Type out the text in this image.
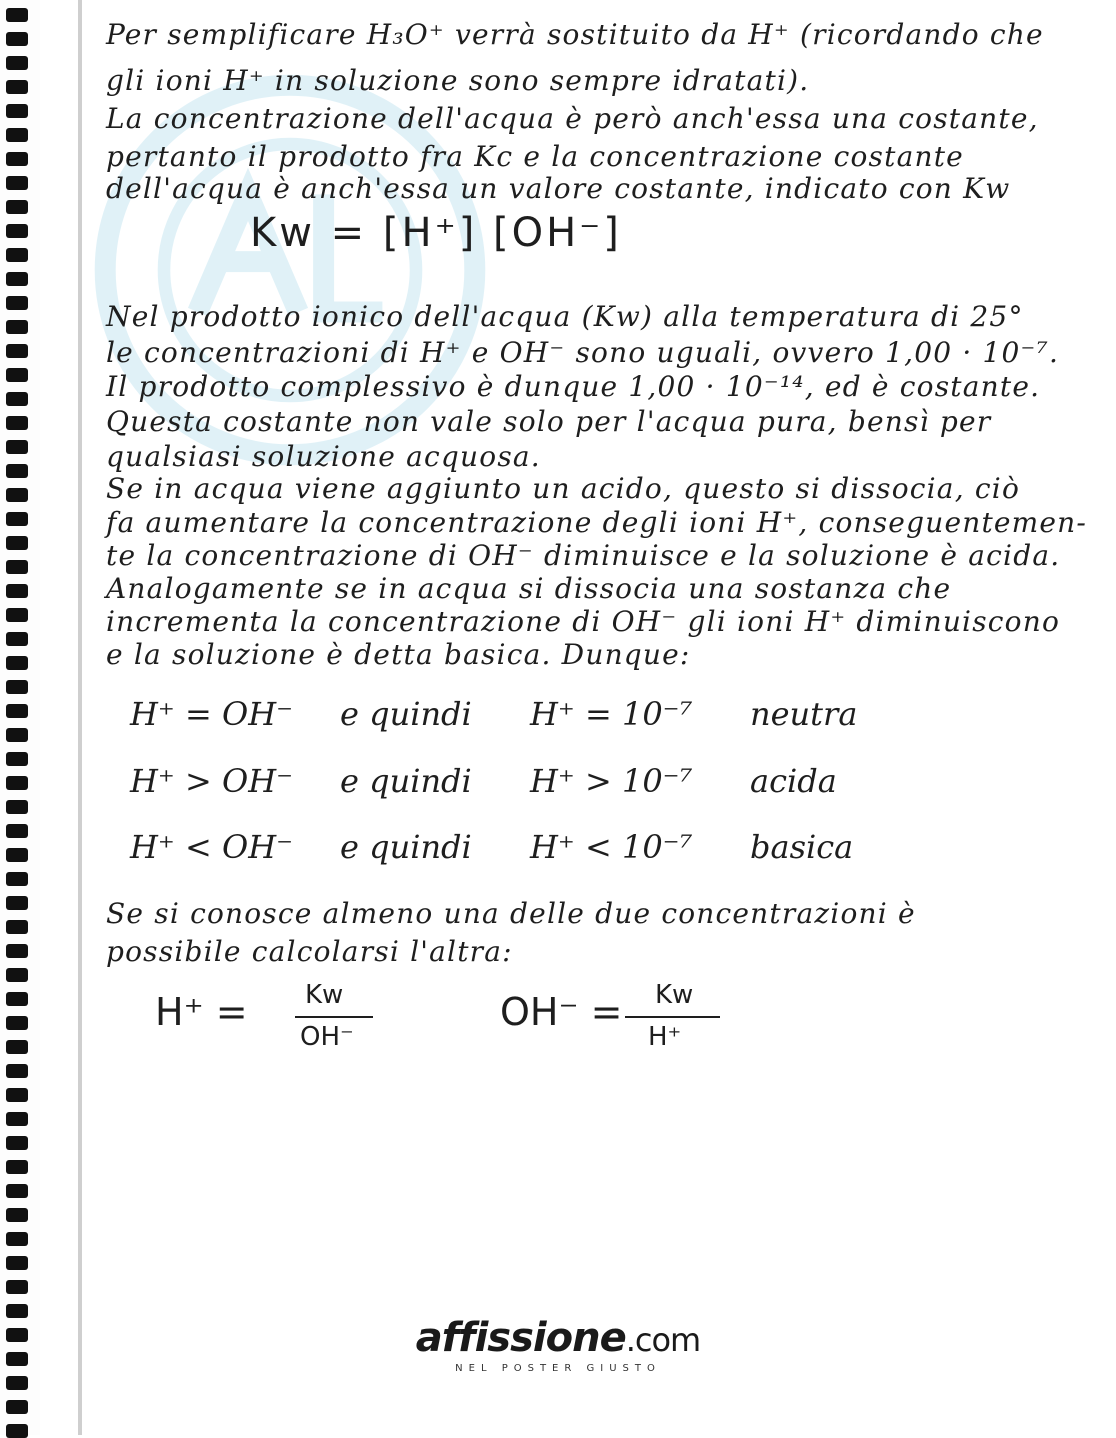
Per semplificare H₃O⁺ verrà sostituito da H⁺ (ricordando che
gli ioni H⁺ in soluzione sono sempre idratati).
La concentrazione dell'acqua è però anch'essa una costante,
pertanto il prodotto fra Kc e la concentrazione costante
dell'acqua è anch'essa un valore costante, indicato con Kw
Kw = [H⁺] [OH⁻]
Nel prodotto ionico dell'acqua (Kw) alla temperatura di 25°
le concentrazioni di H⁺ e OH⁻ sono uguali, ovvero 1,00 · 10⁻⁷.
Il prodotto complessivo è dunque 1,00 · 10⁻¹⁴, ed è costante.
Questa costante non vale solo per l'acqua pura, bensì per
qualsiasi soluzione acquosa.
Se in acqua viene aggiunto un acido, questo si dissocia, ciò
fa aumentare la concentrazione degli ioni H⁺, conseguentemen-
te la concentrazione di OH⁻ diminuisce e la soluzione è acida.
Analogamente se in acqua si dissocia una sostanza che
incrementa la concentrazione di OH⁻ gli ioni H⁺ diminuiscono
e la soluzione è detta basica. Dunque:
H⁺ = OH⁻ e quindi H⁺ = 10⁻⁷ neutra
H⁺ > OH⁻ e quindi H⁺ > 10⁻⁷ acida
H⁺ < OH⁻ e quindi H⁺ < 10⁻⁷ basica
Se si conosce almeno una delle due concentrazioni è
possibile calcolarsi l'altra:
H⁺ = Kw
OH⁻
OH⁻ = Kw
H⁺
affissione.com
NEL POSTER GIUSTO
